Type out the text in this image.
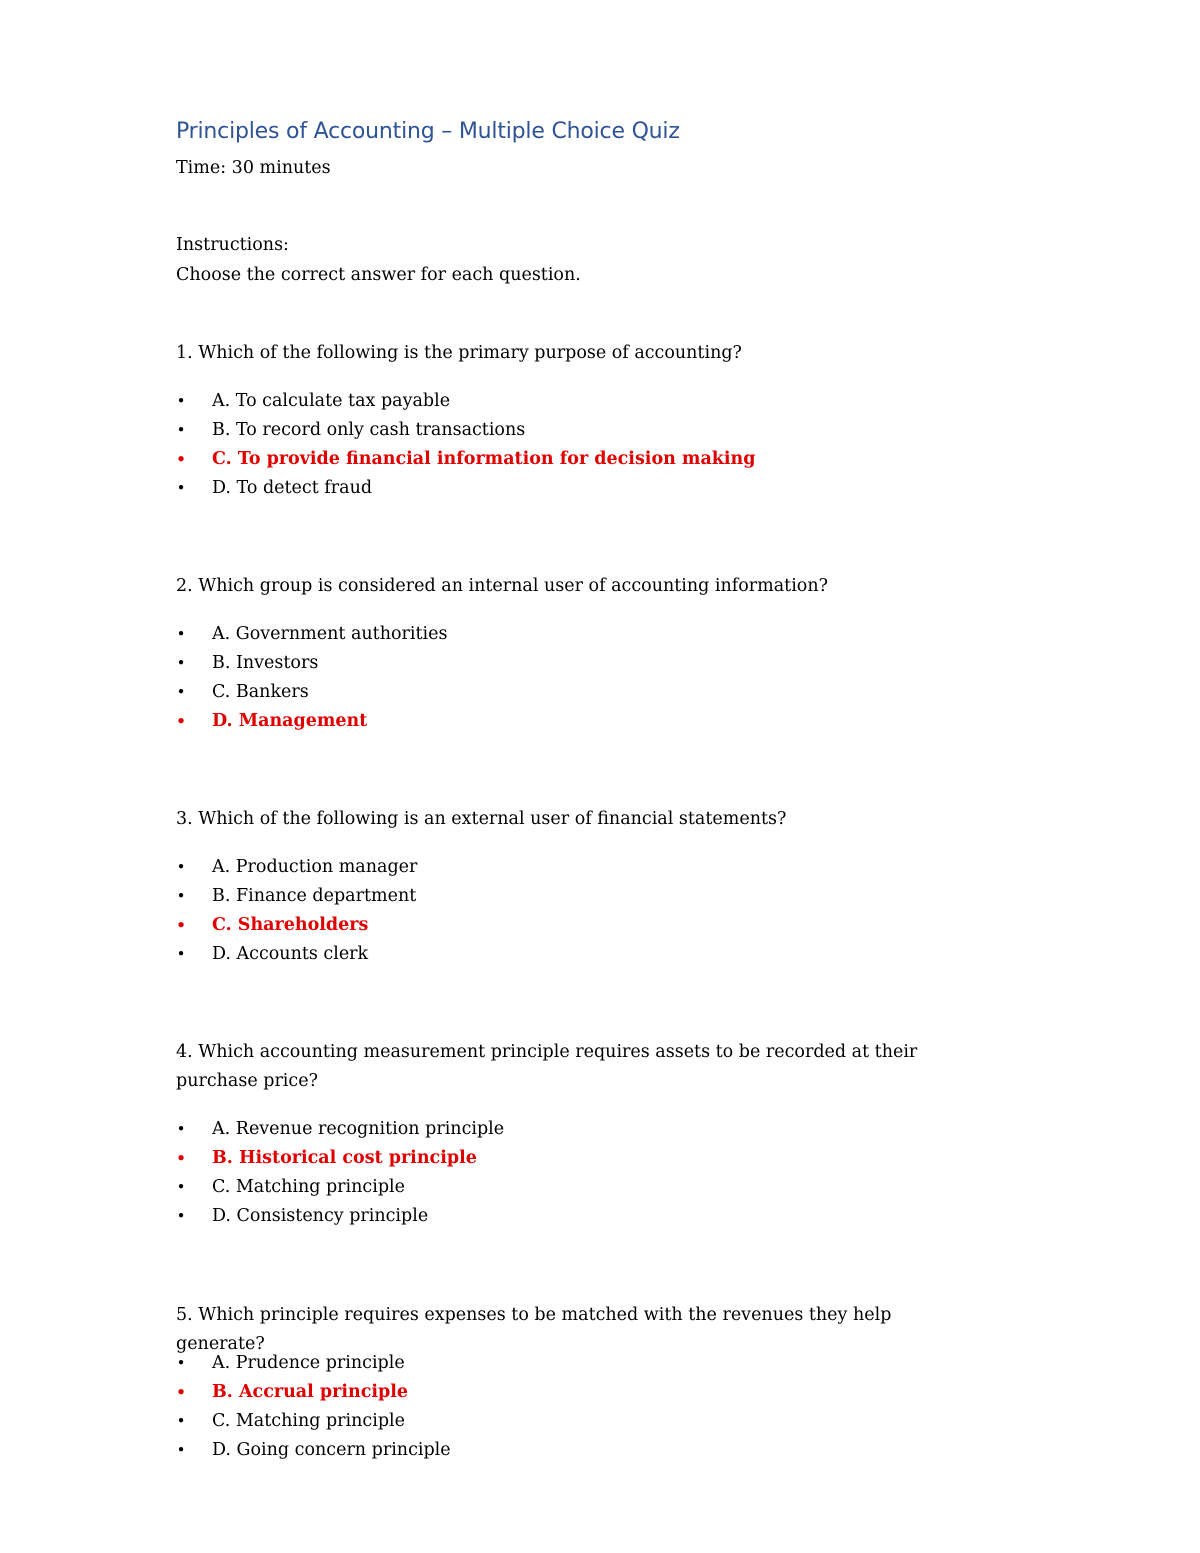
Principles of Accounting – Multiple Choice Quiz
Time: 30 minutes
Instructions:
Choose the correct answer for each question.
1. Which of the following is the primary purpose of accounting?
• A. To calculate tax payable
• B. To record only cash transactions
• C. To provide financial information for decision making
• D. To detect fraud
2. Which group is considered an internal user of accounting information?
• A. Government authorities
• B. Investors
• C. Bankers
• D. Management
3. Which of the following is an external user of financial statements?
• A. Production manager
• B. Finance department
• C. Shareholders
• D. Accounts clerk
4. Which accounting measurement principle requires assets to be recorded at their purchase price?
• A. Revenue recognition principle
• B. Historical cost principle
• C. Matching principle
• D. Consistency principle
5. Which principle requires expenses to be matched with the revenues they help generate?
• A. Prudence principle
• B. Accrual principle
• C. Matching principle
• D. Going concern principle
